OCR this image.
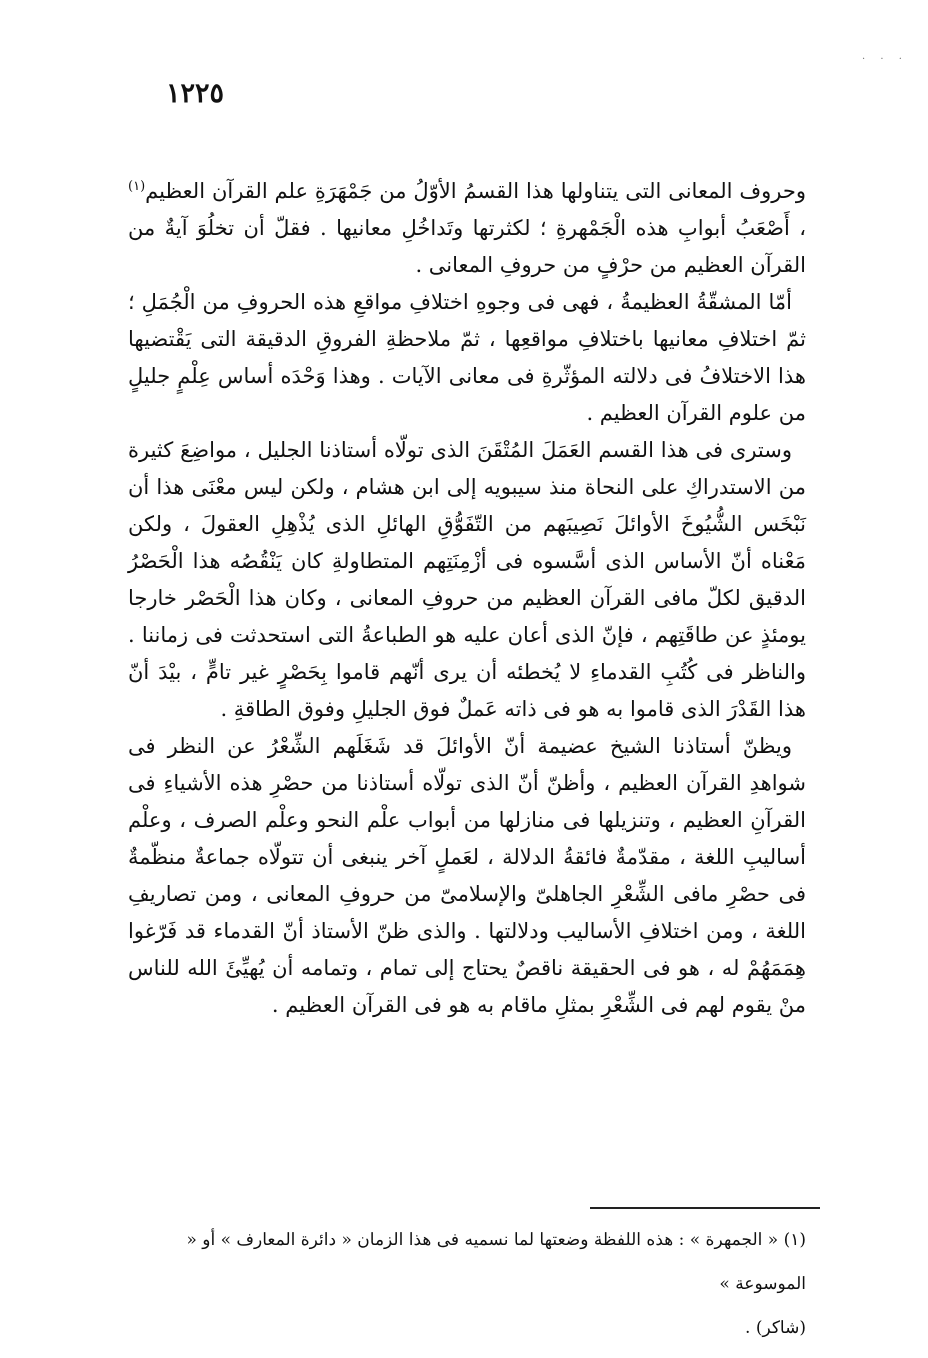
· · ·
١٢٢٥

وحروف المعانى التى يتناولها هذا القسمُ الأوّلُ من جَمْهَرَةِ علم القرآن العظيم$^{(١)}$ ، أَصْعَبُ أبوابِ هذه الْجَمْهرةِ ؛ لكثرتها وتَداخُلِ معانيها . فقلّ أن تخلُوَ آيةٌ من القرآن العظيم من حرْفٍ من حروفِ المعانى .

أمّا المشقّةُ العظيمةُ ، فهى فى وجوهِ اختلافِ مواقعِ هذه الحروفِ من الْجُمَلِ ؛ ثمّ اختلافِ معانيها باختلافِ مواقعِها ، ثمّ ملاحظةِ الفروقِ الدقيقة التى يَقْتضيها هذا الاختلافُ فى دلالته المؤثّرةِ فى معانى الآيات . وهذا وَحْدَه أساس عِلْمٍ جليلٍ من علوم القرآن العظيم .

وسترى فى هذا القسم العَمَلَ المُتْقَنَ الذى تولّاه أستاذنا الجليل ، مواضِعَ كثيرة من الاستدراكِ على النحاة منذ سيبويه إلى ابن هشام ، ولكن ليس معْنَى هذا أن نَبْخَس الشُّيُوخَ الأوائلَ نَصِيبَهم من التّفَوُّقِ الهائلِ الذى يُذْهِلِ العقولَ ، ولكن مَعْناه أنّ الأساس الذى أسَّسوه فى أزْمِنَتِهم المتطاولةِ كان يَنْقُصُه هذا الْحَصْرُ الدقيق لكلّ مافى القرآن العظيم من حروفِ المعانى ، وكان هذا الْحَصْر خارجا يومئذٍ عن طاقَتِهم ، فإنّ الذى أعان عليه هو الطباعةُ التى استحدثت فى زماننا . والناظر فى كُتُبِ القدماءِ لا يُخطئه أن يرى أنّهم قاموا بِحَصْرٍ غير تامٍّ ، بيْدَ أنّ هذا القَدْرَ الذى قاموا به هو فى ذاته عَملٌ فوق الجليلِ وفوق الطاقةِ .

ويظنّ أستاذنا الشيخ عضيمة أنّ الأوائلَ قد شَغَلَهم الشِّعْرُ عن النظر فى شواهدِ القرآن العظيم ، وأظنّ أنّ الذى تولّاه أستاذنا من حصْرِ هذه الأشياءِ فى القرآنِ العظيم ، وتنزيلها فى منازلها من أبواب علْم النحو وعلْم الصرف ، وعلْم أساليبِ اللغة ، مقدّمةٌ فائقةُ الدلالة ، لعَملٍ آخر ينبغى أن تتولّاه جماعةٌ منظّمةٌ فى حصْرِ مافى الشِّعْرِ الجاهلىّ والإسلامىّ من حروفِ المعانى ، ومن تصاريفِ اللغة ، ومن اختلافِ الأساليب ودلالتها . والذى ظنّ الأستاذ أنّ القدماء قد فَرّغوا هِمَمَهُمْ له ، هو فى الحقيقة ناقصٌ يحتاج إلى تمام ، وتمامه أن يُهيِّئَ الله للناس منْ يقوم لهم فى الشِّعْرِ بمثلِ ماقام به هو فى القرآن العظيم .

(١) « الجمهرة » : هذه اللفظة وضعتها لما نسميه فى هذا الزمان « دائرة المعارف » أو « الموسوعة »
(شاكر) .
